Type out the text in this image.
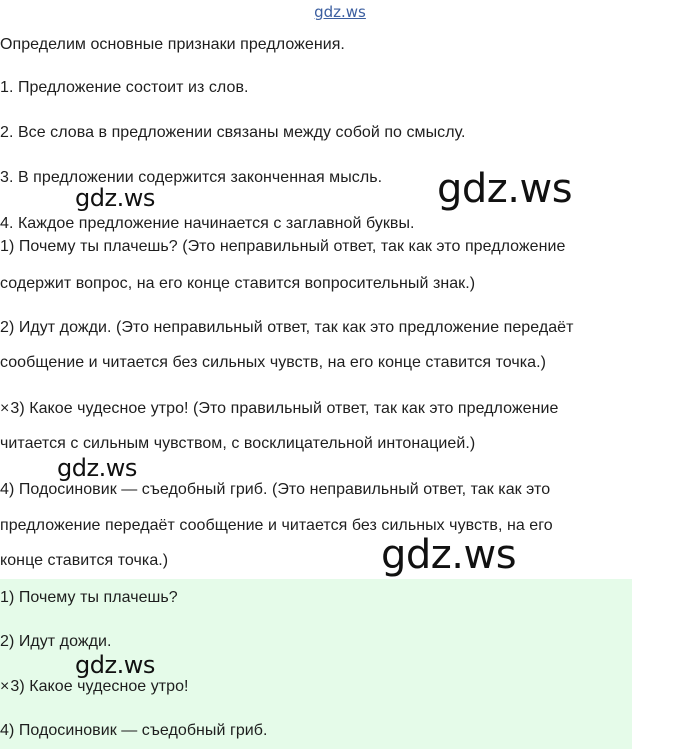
gdz.ws
Определим основные признаки предложения.
1. Предложение состоит из слов.
2. Все слова в предложении связаны между собой по смыслу.
3. В предложении содержится законченная мысль.
4. Каждое предложение начинается с заглавной буквы.
1) Почему ты плачешь? (Это неправильный ответ, так как это предложение
содержит вопрос, на его конце ставится вопросительный знак.)
2) Идут дожди. (Это неправильный ответ, так как это предложение передаёт
сообщение и читается без сильных чувств, на его конце ставится точка.)
×3) Какое чудесное утро! (Это правильный ответ, так как это предложение
читается с сильным чувством, с восклицательной интонацией.)
4) Подосиновик — съедобный гриб. (Это неправильный ответ, так как это
предложение передаёт сообщение и читается без сильных чувств, на его
конце ставится точка.)
1) Почему ты плачешь?
2) Идут дожди.
×3) Какое чудесное утро!
4) Подосиновик — съедобный гриб.
gdz.ws	gdz.ws
gdz.ws
gdz.ws
gdz.ws
